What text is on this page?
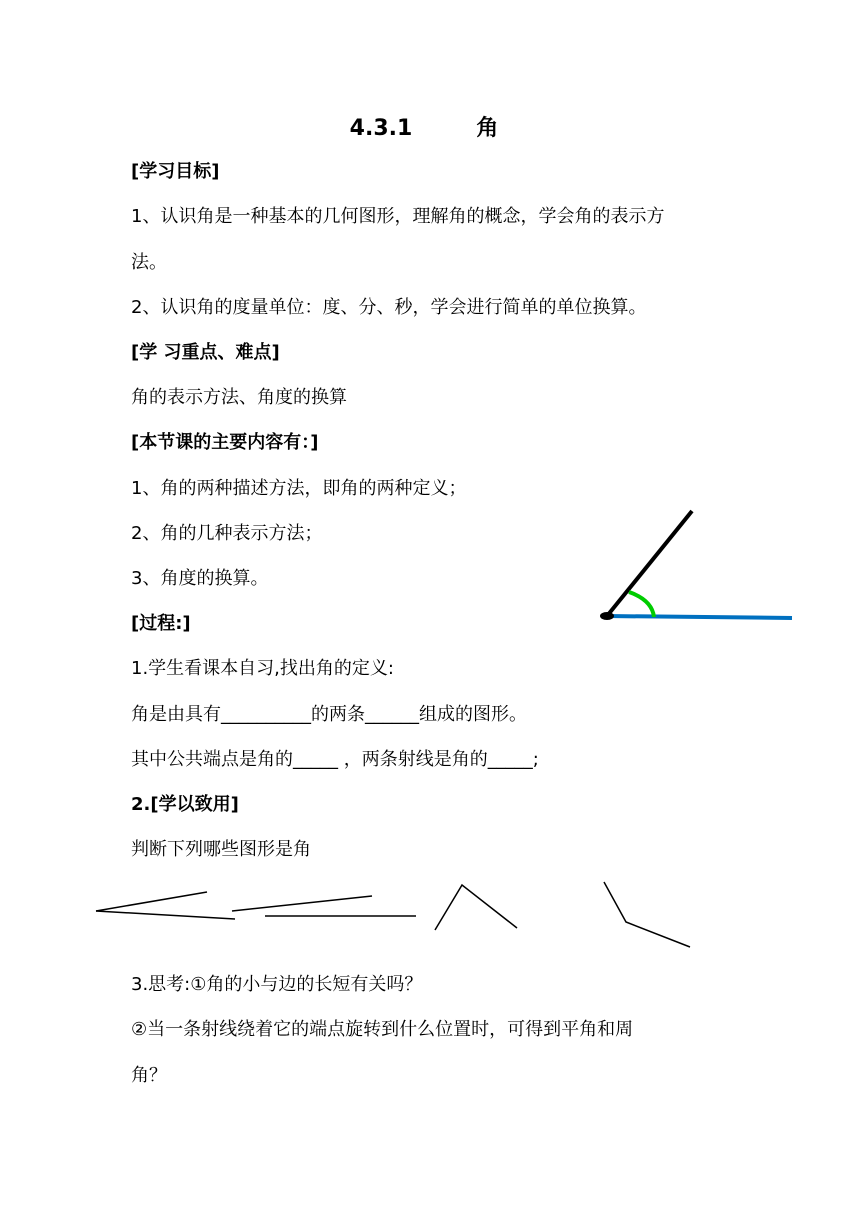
4.3.1	角
[学习目标]
1、认识角是一种基本的几何图形，理解角的概念，学会角的表示方
法。
2、认识角的度量单位：度、分、秒，学会进行简单的单位换算。
[学 习重点、难点]
角的表示方法、角度的换算
[本节课的主要内容有：]
1、角的两种描述方法，即角的两种定义；
2、角的几种表示方法；
3、角度的换算。
[过程:]
1.学生看课本自习,找出角的定义:
角是由具有__________的两条______组成的图形。
其中公共端点是角的_____ ，两条射线是角的_____;
2.[学以致用]
判断下列哪些图形是角
3.思考:①角的小与边的长短有关吗？
②当一条射线绕着它的端点旋转到什么位置时，可得到平角和周
角？
